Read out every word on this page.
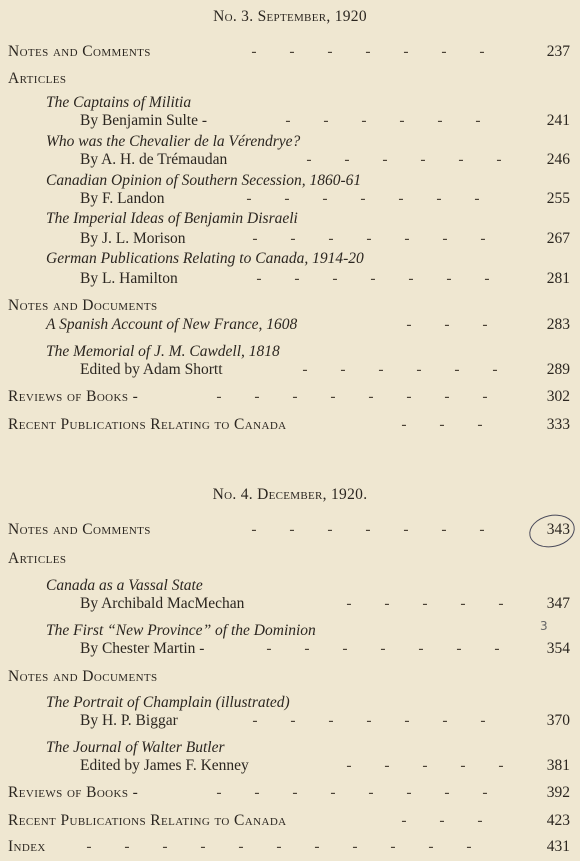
No. 3. September, 1920
Notes and Comments	- - - - - - -	237
Articles
The Captains of Militia
By Benjamin Sulte -	- - - - - -	241
Who was the Chevalier de la Vérendrye?
By A. H. de Trémaudan	- - - - - -	246
Canadian Opinion of Southern Secession, 1860-61
By F. Landon	- - - - - - -	255
The Imperial Ideas of Benjamin Disraeli
By J. L. Morison	- - - - - - -	267
German Publications Relating to Canada, 1914-20
By L. Hamilton	- - - - - - -	281
Notes and Documents
A Spanish Account of New France, 1608	- - -	283
The Memorial of J. M. Cawdell, 1818
Edited by Adam Shortt	- - - - - -	289
Reviews of Books -	- - - - - - - -	302
Recent Publications Relating to Canada	- - -	333
No. 4. December, 1920.
Notes and Comments	- - - - - - -	343
Articles
Canada as a Vassal State
By Archibald MacMechan	- - - - -	347
The First “New Province” of the Dominion	3
By Chester Martin -	- - - - - - -	354
Notes and Documents
The Portrait of Champlain (illustrated)
By H. P. Biggar	- - - - - - -	370
The Journal of Walter Butler
Edited by James F. Kenney	- - - - -	381
Reviews of Books -	- - - - - - - -	392
Recent Publications Relating to Canada	- - -	423
Index	- - - - - - - - - - -	431
